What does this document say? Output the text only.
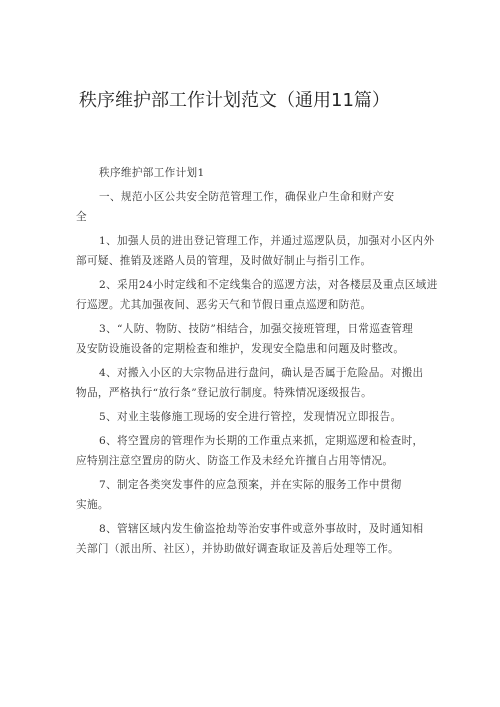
秩序维护部工作计划范文（通用11篇）
秩序维护部工作计划1
一、规范小区公共安全防范管理工作，确保业户生命和财产安
全
1、加强人员的进出登记管理工作，并通过巡逻队员，加强对小区内外
部可疑、推销及迷路人员的管理，及时做好制止与指引工作。
2、采用24小时定线和不定线集合的巡逻方法，对各楼层及重点区域进
行巡逻。尤其加强夜间、恶劣天气和节假日重点巡逻和防范。
3、“人防、物防、技防”相结合，加强交接班管理，日常巡查管理
及安防设施设备的定期检查和维护，发现安全隐患和问题及时整改。
4、对搬入小区的大宗物品进行盘问，确认是否属于危险品。对搬出
物品，严格执行“放行条”登记放行制度。特殊情况逐级报告。
5、对业主装修施工现场的安全进行管控，发现情况立即报告。
6、将空置房的管理作为长期的工作重点来抓，定期巡逻和检查时，
应特别注意空置房的防火、防盗工作及未经允许擅自占用等情况。
7、制定各类突发事件的应急预案，并在实际的服务工作中贯彻
实施。
8、管辖区域内发生偷盗抢劫等治安事件或意外事故时，及时通知相
关部门（派出所、社区），并协助做好调查取证及善后处理等工作。
